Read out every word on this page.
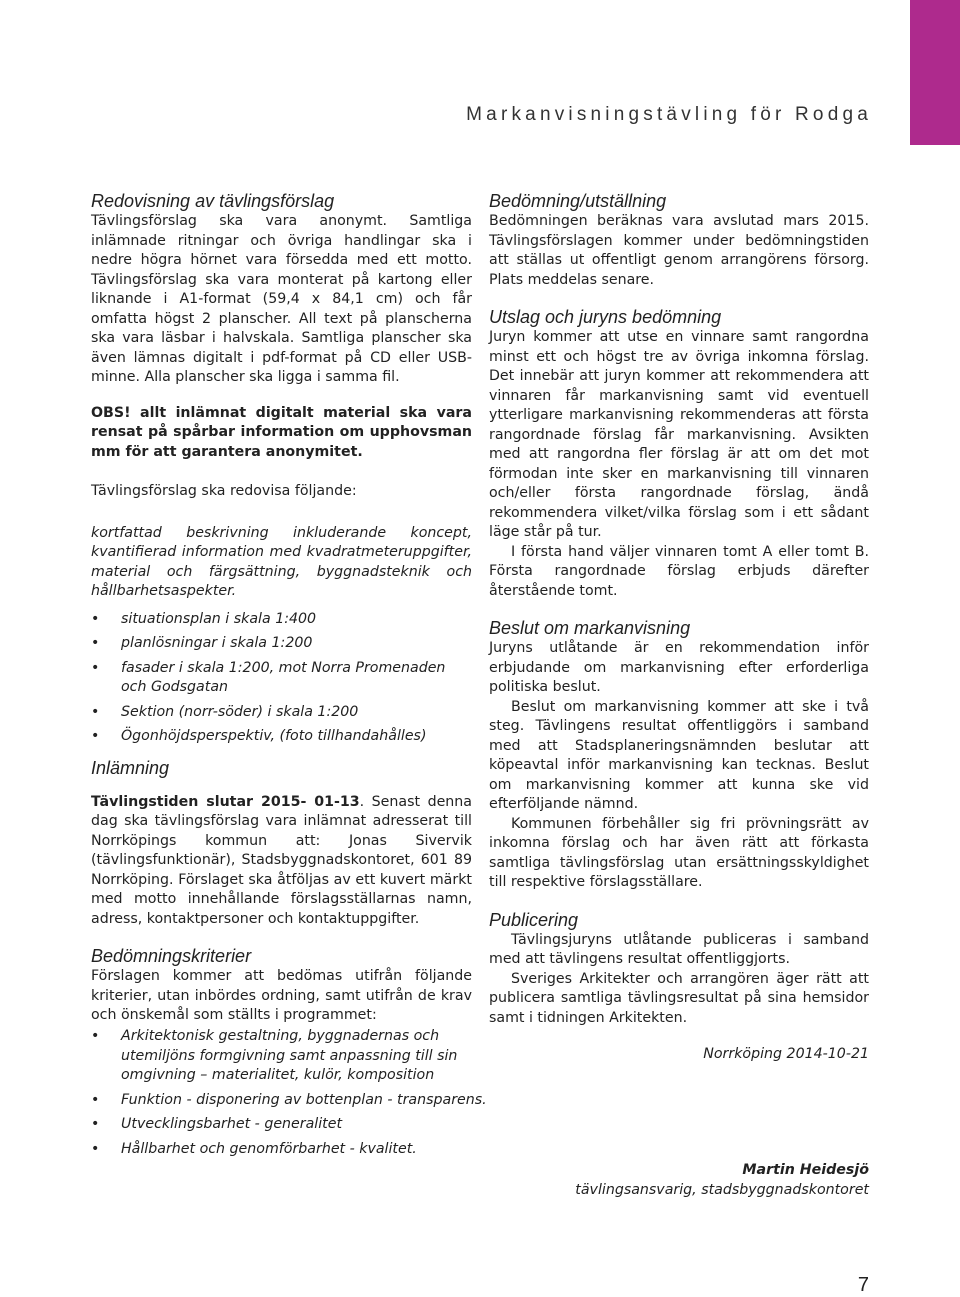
Markanvisningstävling för Rodga
Redovisning av tävlingsförslag

Tävlingsförslag ska vara anonymt. Samtliga inlämnade ritningar och övriga handlingar ska i nedre högra hörnet vara försedda med ett motto. Tävlingsförslag ska vara monterat på kartong eller liknande i A1-format (59,4 x 84,1 cm) och får omfatta högst 2 planscher. All text på planscherna ska vara läsbar i halvskala. Samtliga planscher ska även lämnas digitalt i pdf-format på CD eller USB-minne. Alla planscher ska ligga i samma fil.

OBS! allt inlämnat digitalt material ska vara rensat på spårbar information om upphovsman mm för att garantera anonymitet.

Tävlingsförslag ska redovisa följande:

kortfattad beskrivning inkluderande koncept, kvantifierad information med kvadratmeteruppgifter, material och färgsättning, byggnadsteknik och hållbarhetsaspekter.

• situationsplan i skala 1:400
• planlösningar i skala 1:200
• fasader i skala 1:200, mot Norra Promenaden och Godsgatan
• Sektion (norr-söder) i skala 1:200
• Ögonhöjdsperspektiv, (foto tillhandahålles)
Inlämning

Tävlingstiden slutar 2015- 01-13. Senast denna dag ska tävlingsförslag vara inlämnat adresserat till Norrköpings kommun att: Jonas Sivervik (tävlingsfunktionär), Stadsbyggnadskontoret, 601 89 Norrköping. Förslaget ska åtföljas av ett kuvert märkt med motto innehållande förslagsställarnas namn, adress, kontaktpersoner och kontaktuppgifter.

Bedömningskriterier

Förslagen kommer att bedömas utifrån följande kriterier, utan inbördes ordning, samt utifrån de krav och önskemål som ställts i programmet:

• Arkitektonisk gestaltning, byggnadernas och utemiljöns formgivning samt anpassning till sin omgivning – materialitet, kulör, komposition
• Funktion - disponering av bottenplan - transparens.
• Utvecklingsbarhet - generalitet
• Hållbarhet och genomförbarhet - kvalitet.
Bedömning/utställning

Bedömningen beräknas vara avslutad mars 2015. Tävlingsförslagen kommer under bedömningstiden att ställas ut offentligt genom arrangörens försorg. Plats meddelas senare.

Utslag och juryns bedömning

Juryn kommer att utse en vinnare samt rangordna minst ett och högst tre av övriga inkomna förslag. Det innebär att juryn kommer att rekommendera att vinnaren får markanvisning samt vid eventuell ytterligare markanvisning rekommenderas att första rangordnade förslag får markanvisning. Avsikten med att rangordna fler förslag är att om det mot förmodan inte sker en markanvisning till vinnaren och/eller första rangordnade förslag, ändå rekommendera vilket/vilka förslag som i ett sådant läge står på tur.

I första hand väljer vinnaren tomt A eller tomt B. Första rangordnade förslag erbjuds därefter återstående tomt.

Beslut om markanvisning

Juryns utlåtande är en rekommendation inför erbjudande om markanvisning efter erforderliga politiska beslut.

Beslut om markanvisning kommer att ske i två steg. Tävlingens resultat offentliggörs i samband med att Stadsplaneringsnämnden beslutar att köpeavtal inför markanvisning kan tecknas. Beslut om markanvisning kommer att kunna ske vid efterföljande nämnd.

Kommunen förbehåller sig fri prövningsrätt av inkomna förslag och har även rätt att förkasta samtliga tävlingsförslag utan ersättningsskyldighet till respektive förslagsställare.

Publicering

Tävlingsjuryns utlåtande publiceras i samband med att tävlingens resultat offentliggjorts.

Sveriges Arkitekter och arrangören äger rätt att publicera samtliga tävlingsresultat på sina hemsidor samt i tidningen Arkitekten.

Norrköping 2014-10-21
Martin Heidesjö
tävlingsansvarig, stadsbyggnadskontoret
7
